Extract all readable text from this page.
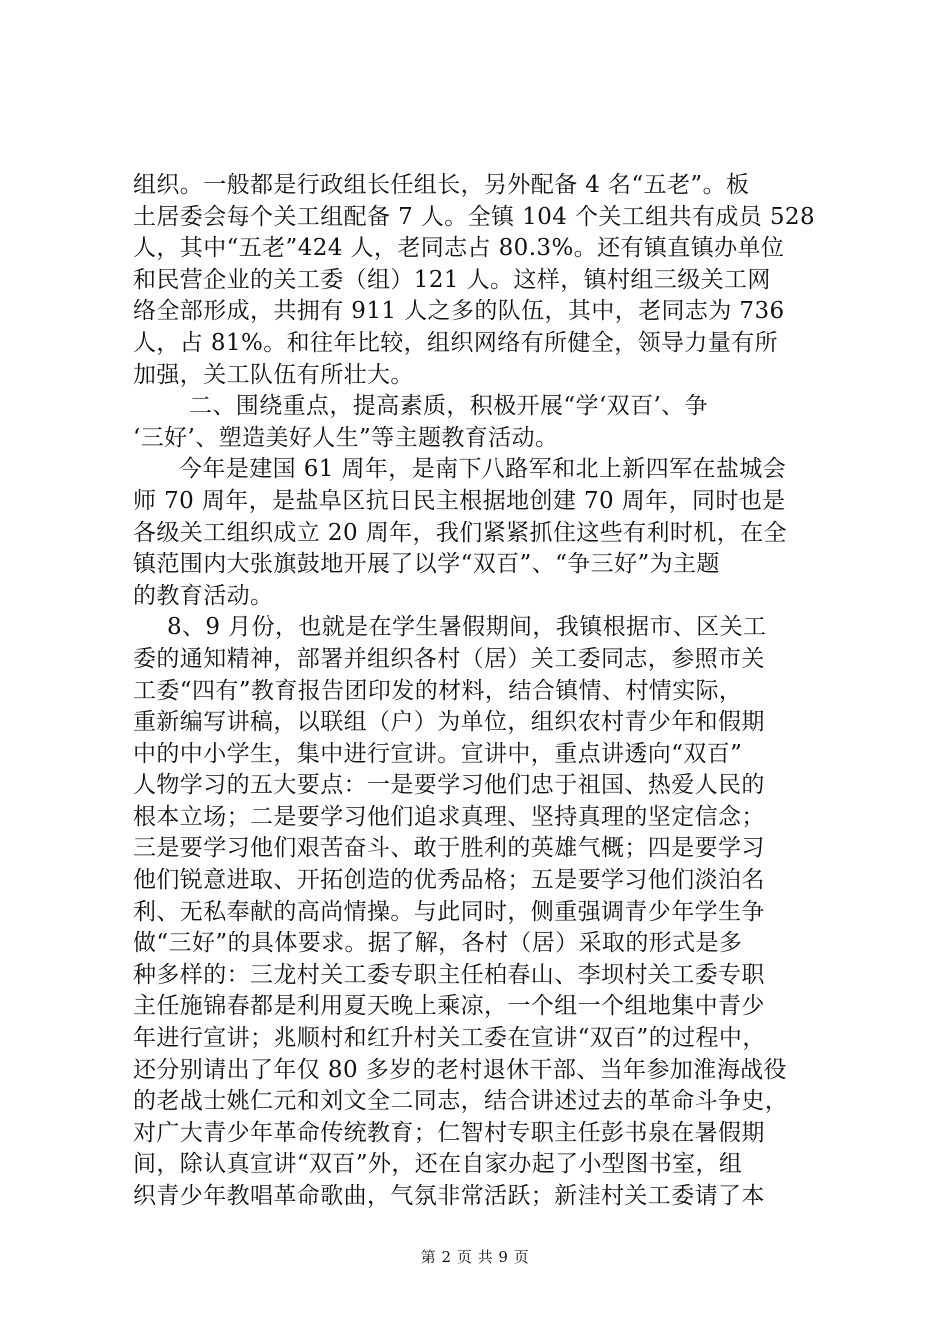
组织。一般都是行政组长任组长，另外配备 4 名“五老”。板
土居委会每个关工组配备 7 人。全镇 104 个关工组共有成员 528
人，其中“五老”424 人，老同志占 80.3%。还有镇直镇办单位
和民营企业的关工委（组）121 人。这样，镇村组三级关工网
络全部形成，共拥有 911 人之多的队伍，其中，老同志为 736
人，占 81%。和往年比较，组织网络有所健全，领导力量有所
加强，关工队伍有所壮大。
二、围绕重点，提高素质，积极开展“学‘双百’、争
‘三好’、塑造美好人生”等主题教育活动。
今年是建国 61 周年，是南下八路军和北上新四军在盐城会
师 70 周年，是盐阜区抗日民主根据地创建 70 周年，同时也是
各级关工组织成立 20 周年，我们紧紧抓住这些有利时机，在全
镇范围内大张旗鼓地开展了以学“双百”、“争三好”为主题
的教育活动。
8、9 月份，也就是在学生暑假期间，我镇根据市、区关工
委的通知精神，部署并组织各村（居）关工委同志，参照市关
工委“四有”教育报告团印发的材料，结合镇情、村情实际，
重新编写讲稿，以联组（户）为单位，组织农村青少年和假期
中的中小学生，集中进行宣讲。宣讲中，重点讲透向“双百”
人物学习的五大要点：一是要学习他们忠于祖国、热爱人民的
根本立场；二是要学习他们追求真理、坚持真理的坚定信念；
三是要学习他们艰苦奋斗、敢于胜利的英雄气概；四是要学习
他们锐意进取、开拓创造的优秀品格；五是要学习他们淡泊名
利、无私奉献的高尚情操。与此同时，侧重强调青少年学生争
做“三好”的具体要求。据了解，各村（居）采取的形式是多
种多样的：三龙村关工委专职主任柏春山、李坝村关工委专职
主任施锦春都是利用夏天晚上乘凉，一个组一个组地集中青少
年进行宣讲；兆顺村和红升村关工委在宣讲“双百”的过程中，
还分别请出了年仅 80 多岁的老村退休干部、当年参加淮海战役
的老战士姚仁元和刘文全二同志，结合讲述过去的革命斗争史，
对广大青少年革命传统教育；仁智村专职主任彭书泉在暑假期
间，除认真宣讲“双百”外，还在自家办起了小型图书室，组
织青少年教唱革命歌曲，气氛非常活跃；新洼村关工委请了本
第 2 页 共 9 页
